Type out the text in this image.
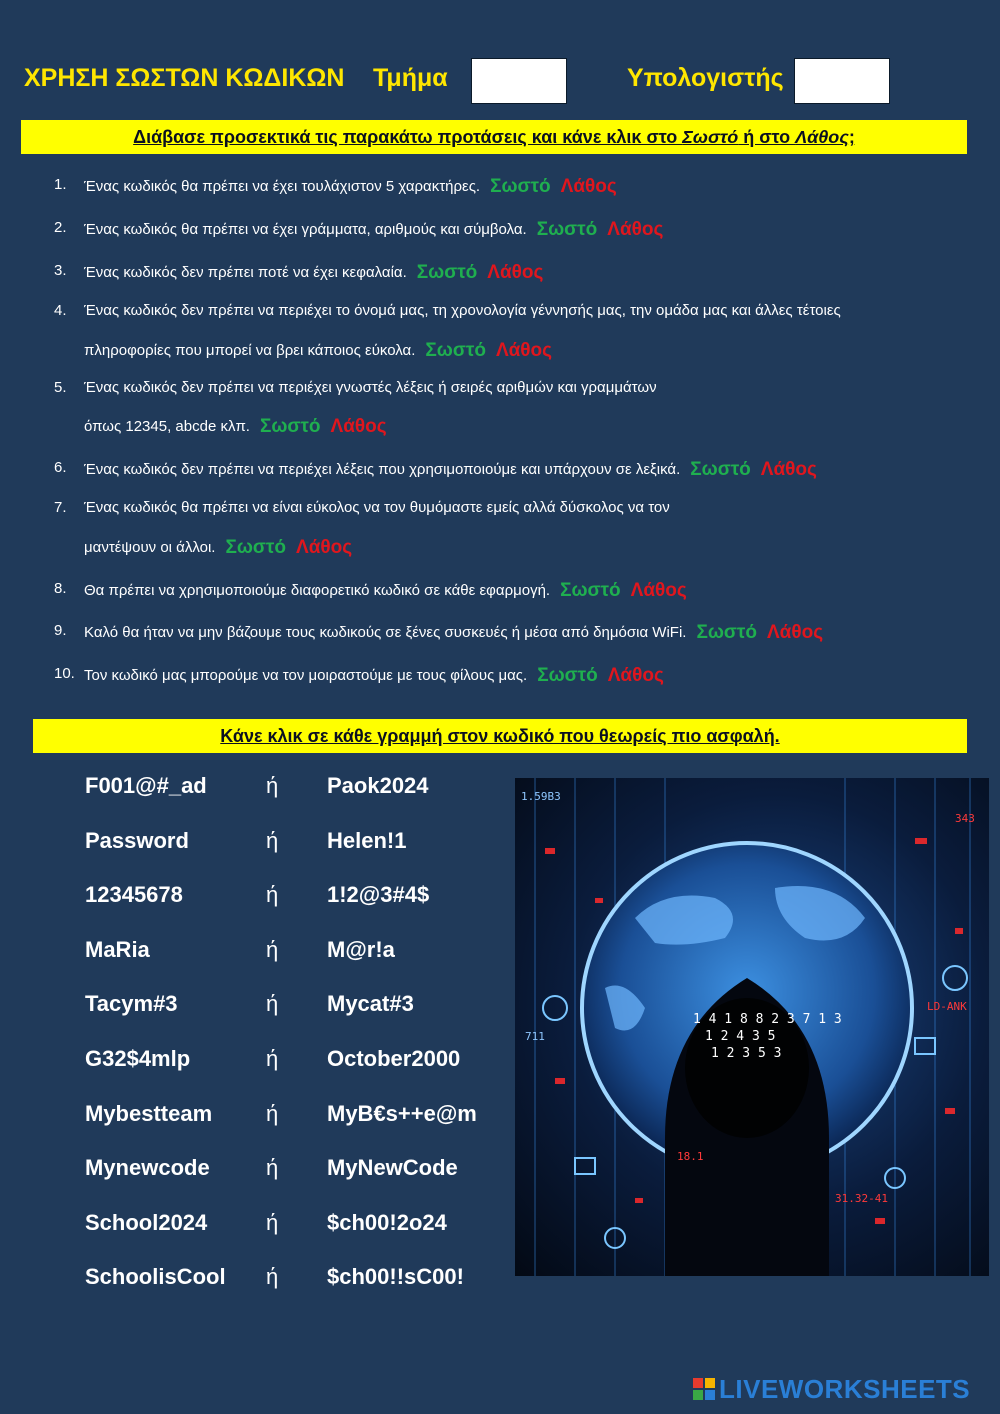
ΧΡΗΣΗ ΣΩΣΤΩΝ ΚΩΔΙΚΩΝ Τμήμα	Υπολογιστής
Διάβασε προσεκτικά τις παρακάτω προτάσεις και κάνε κλικ στο Σωστό ή στο Λάθος;
1. Ένας κωδικός θα πρέπει να έχει τουλάχιστον 5 χαρακτήρες. Σωστό Λάθος
2. Ένας κωδικός θα πρέπει να έχει γράμματα, αριθμούς και σύμβολα. Σωστό Λάθος
3. Ένας κωδικός δεν πρέπει ποτέ να έχει κεφαλαία. Σωστό Λάθος
4. Ένας κωδικός δεν πρέπει να περιέχει το όνομά μας, τη χρονολογία γέννησής μας, την ομάδα μας και άλλες τέτοιες
πληροφορίες που μπορεί να βρει κάποιος εύκολα. Σωστό Λάθος
5. Ένας κωδικός δεν πρέπει να περιέχει γνωστές λέξεις ή σειρές αριθμών και γραμμάτων
όπως 12345, abcde κλπ. Σωστό Λάθος
6. Ένας κωδικός δεν πρέπει να περιέχει λέξεις που χρησιμοποιούμε και υπάρχουν σε λεξικά. Σωστό Λάθος
7. Ένας κωδικός θα πρέπει να είναι εύκολος να τον θυμόμαστε εμείς αλλά δύσκολος να τον
μαντέψουν οι άλλοι. Σωστό Λάθος
8. Θα πρέπει να χρησιμοποιούμε διαφορετικό κωδικό σε κάθε εφαρμογή. Σωστό Λάθος
9. Καλό θα ήταν να μην βάζουμε τους κωδικούς σε ξένες συσκευές ή μέσα από δημόσια WiFi. Σωστό Λάθος
10. Τον κωδικό μας μπορούμε να τον μοιραστούμε με τους φίλους μας. Σωστό Λάθος
Κάνε κλικ σε κάθε γραμμή στον κωδικό που θεωρείς πιο ασφαλή.
F001@#_ad	ή Paok2024
Password	ή Helen!1
12345678	ή 1!2@3#4$
MaRia	ή M@r!a
Tacym#3	ή Mycat#3
G32$4mlp	ή October2000
Mybestteam ή MyB€s++e@m
Mynewcode	ή MyNewCode
School2024	ή $ch00!2o24
SchoolisCool ή $ch00!!sC00!
1 4 1 8 8 2 3 7 1 3
1 2 4 3 5
1 2 3 5 3
1.59B3
343
31.32-41
LD-ANK
18.1
711
LIVEWORKSHEETS
